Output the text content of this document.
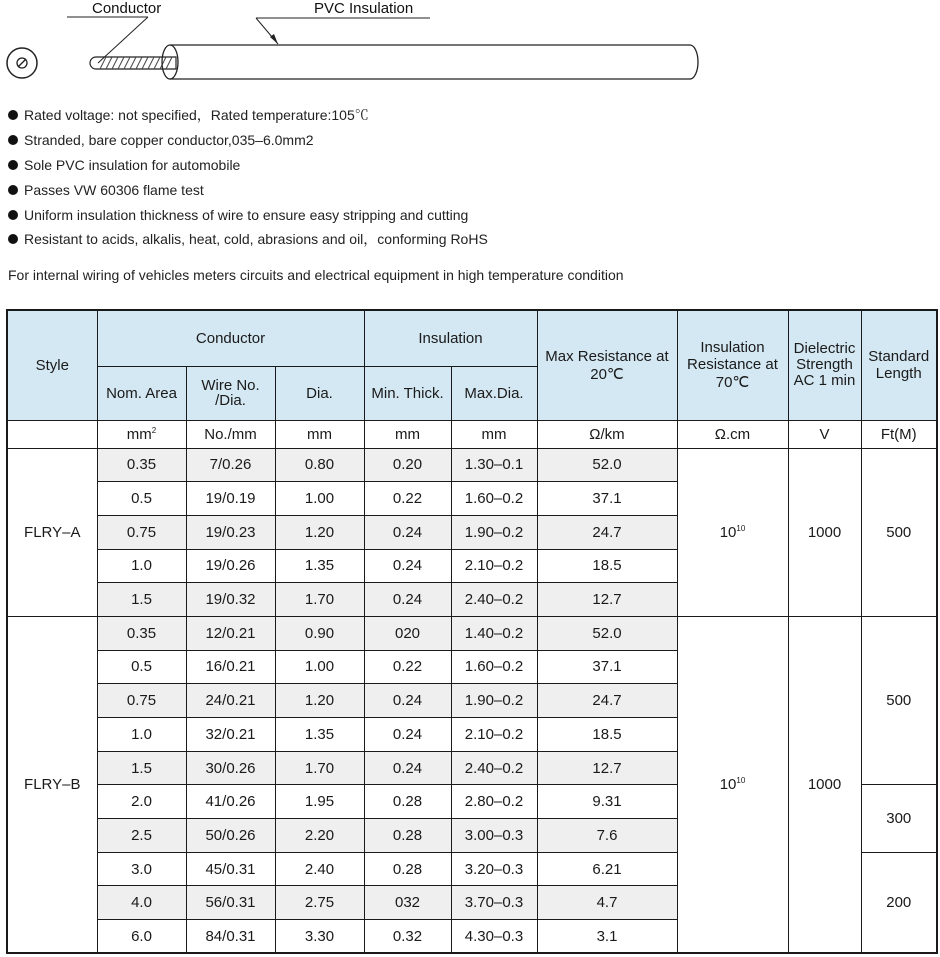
Conductor	PVC Insulation
Rated voltage: not specified，Rated temperature:105℃
Stranded, bare copper conductor,035–6.0mm2
Sole PVC insulation for automobile
Passes VW 60306 flame test
Uniform insulation thickness of wire to ensure easy stripping and cutting
Resistant to acids, alkalis, heat, cold, abrasions and oil，conforming RoHS
For internal wiring of vehicles meters circuits and electrical equipment in high temperature condition
Style	Conductor			Insulation		Max Resistance at 20℃	Insulation Resistance at 70℃	Dielectric Strength AC 1 min	Standard Length
	Nom. Area	Wire No. /Dia.	Dia.	Min. Thick.	Max.Dia.				
	$mm^2$	No./mm	mm	mm	mm	Ω/km	Ω.cm	V	Ft(M)
FLRY–A	0.35	7/0.26	0.80	0.20	1.30–0.1	52.0	$10^{10}$	1000	500
	0.5	19/0.19	1.00	0.22	1.60–0.2	37.1			
	0.75	19/0.23	1.20	0.24	1.90–0.2	24.7			
	1.0	19/0.26	1.35	0.24	2.10–0.2	18.5			
	1.5	19/0.32	1.70	0.24	2.40–0.2	12.7			
FLRY–B	0.35	12/0.21	0.90	020	1.40–0.2	52.0	$10^{10}$	1000	500
	0.5	16/0.21	1.00	0.22	1.60–0.2	37.1			
	0.75	24/0.21	1.20	0.24	1.90–0.2	24.7			
	1.0	32/0.21	1.35	0.24	2.10–0.2	18.5			
	1.5	30/0.26	1.70	0.24	2.40–0.2	12.7			
	2.0	41/0.26	1.95	0.28	2.80–0.2	9.31			300
	2.5	50/0.26	2.20	0.28	3.00–0.3	7.6			
	3.0	45/0.31	2.40	0.28	3.20–0.3	6.21			200
	4.0	56/0.31	2.75	032	3.70–0.3	4.7			
	6.0	84/0.31	3.30	0.32	4.30–0.3	3.1			
